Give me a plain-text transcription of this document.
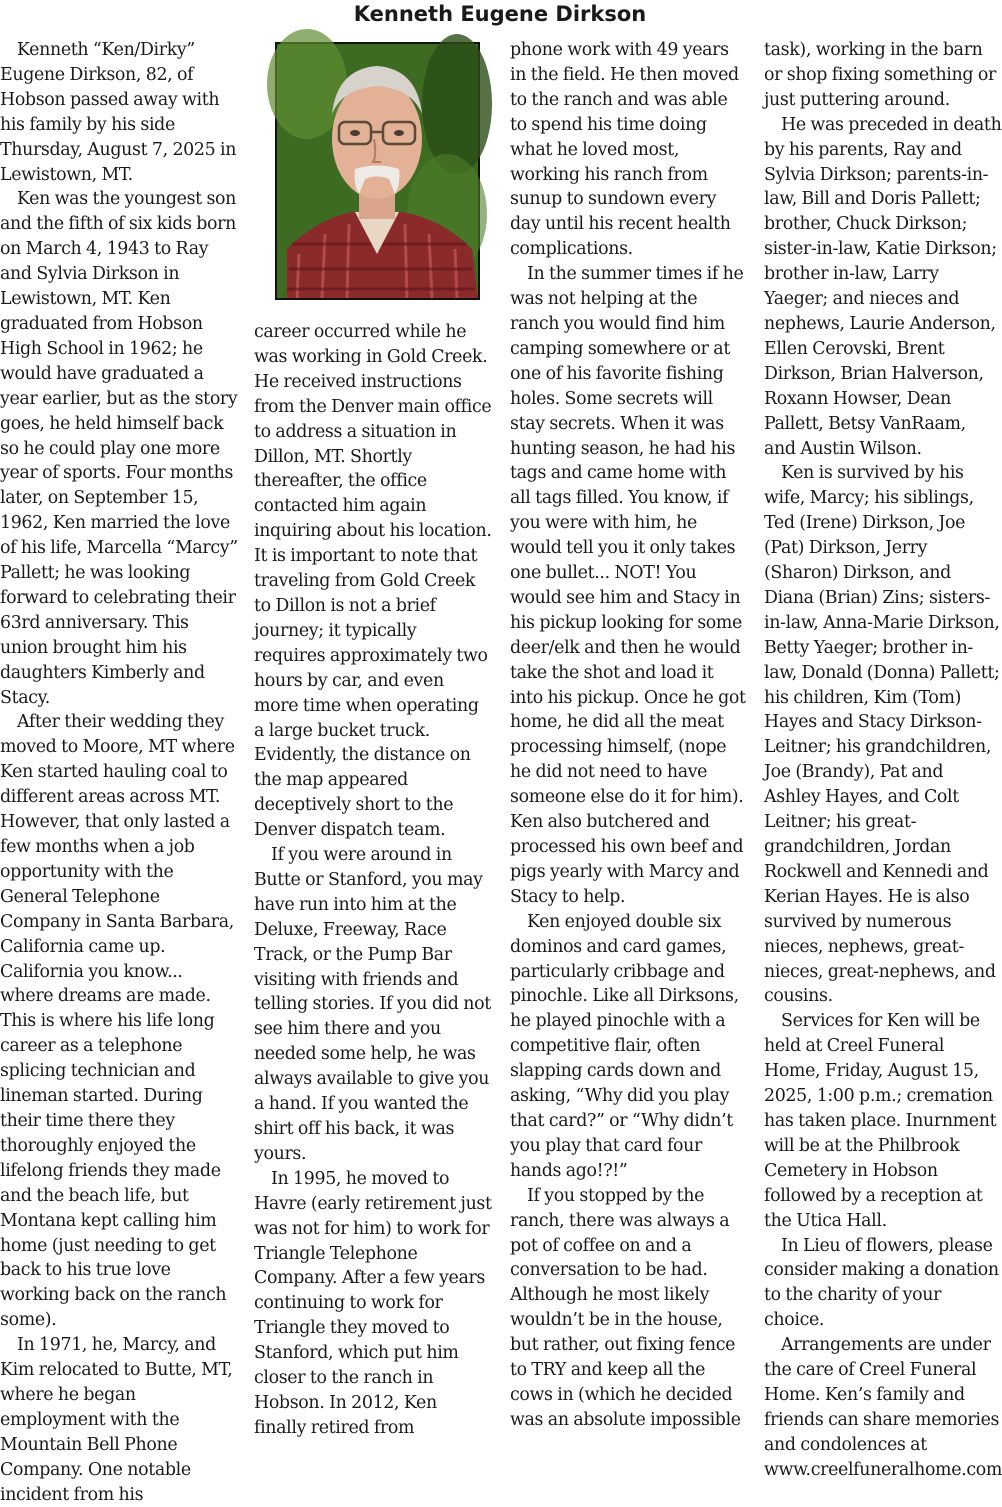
Kenneth Eugene Dirkson

Kenneth “Ken/Dirky” Eugene Dirkson, 82, of Hobson passed away with his family by his side Thursday, August 7, 2025 in Lewistown, MT.

Ken was the youngest son and the fifth of six kids born on March 4, 1943 to Ray and Sylvia Dirkson in Lewistown, MT. Ken graduated from Hobson High School in 1962; he would have graduated a year earlier, but as the story goes, he held himself back so he could play one more year of sports. Four months later, on September 15, 1962, Ken married the love of his life, Marcella “Marcy” Pallett; he was looking forward to celebrating their 63rd anniversary. This union brought him his daughters Kimberly and Stacy.

After their wedding they moved to Moore, MT where Ken started hauling coal to different areas across MT. However, that only lasted a few months when a job opportunity with the General Telephone Company in Santa Barbara, California came up. California you know... where dreams are made. This is where his life long career as a telephone splicing technician and lineman started. During their time there they thoroughly enjoyed the lifelong friends they made and the beach life, but Montana kept calling him home (just needing to get back to his true love working back on the ranch some).

In 1971, he, Marcy, and Kim relocated to Butte, MT, where he began employment with the Mountain Bell Phone Company. One notable incident from his

career occurred while he was working in Gold Creek. He received instructions from the Denver main office to address a situation in Dillon, MT. Shortly thereafter, the office contacted him again inquiring about his location. It is important to note that traveling from Gold Creek to Dillon is not a brief journey; it typically requires approximately two hours by car, and even more time when operating a large bucket truck. Evidently, the distance on the map appeared deceptively short to the Denver dispatch team.

If you were around in Butte or Stanford, you may have run into him at the Deluxe, Freeway, Race Track, or the Pump Bar visiting with friends and telling stories. If you did not see him there and you needed some help, he was always available to give you a hand. If you wanted the shirt off his back, it was yours.

In 1995, he moved to Havre (early retirement just was not for him) to work for Triangle Telephone Company. After a few years continuing to work for Triangle they moved to Stanford, which put him closer to the ranch in Hobson. In 2012, Ken finally retired from

phone work with 49 years in the field. He then moved to the ranch and was able to spend his time doing what he loved most, working his ranch from sunup to sundown every day until his recent health complications.

In the summer times if he was not helping at the ranch you would find him camping somewhere or at one of his favorite fishing holes. Some secrets will stay secrets. When it was hunting season, he had his tags and came home with all tags filled. You know, if you were with him, he would tell you it only takes one bullet... NOT! You would see him and Stacy in his pickup looking for some deer/elk and then he would take the shot and load it into his pickup. Once he got home, he did all the meat processing himself, (nope he did not need to have someone else do it for him). Ken also butchered and processed his own beef and pigs yearly with Marcy and Stacy to help.

Ken enjoyed double six dominos and card games, particularly cribbage and pinochle. Like all Dirksons, he played pinochle with a competitive flair, often slapping cards down and asking, “Why did you play that card?” or “Why didn’t you play that card four hands ago!?!”

If you stopped by the ranch, there was always a pot of coffee on and a conversation to be had. Although he most likely wouldn’t be in the house, but rather, out fixing fence to TRY and keep all the cows in (which he decided was an absolute impossible

task), working in the barn or shop fixing something or just puttering around.

He was preceded in death by his parents, Ray and Sylvia Dirkson; parents-in-law, Bill and Doris Pallett; brother, Chuck Dirkson; sister-in-law, Katie Dirkson; brother in-law, Larry Yaeger; and nieces and nephews, Laurie Anderson, Ellen Cerovski, Brent Dirkson, Brian Halverson, Roxann Howser, Dean Pallett, Betsy VanRaam, and Austin Wilson.

Ken is survived by his wife, Marcy; his siblings, Ted (Irene) Dirkson, Joe (Pat) Dirkson, Jerry (Sharon) Dirkson, and Diana (Brian) Zins; sisters-in-law, Anna-Marie Dirkson, Betty Yaeger; brother in-law, Donald (Donna) Pallett; his children, Kim (Tom) Hayes and Stacy Dirkson-Leitner; his grandchildren, Joe (Brandy), Pat and Ashley Hayes, and Colt Leitner; his great-grandchildren, Jordan Rockwell and Kennedi and Kerian Hayes. He is also survived by numerous nieces, nephews, great-nieces, great-nephews, and cousins.

Services for Ken will be held at Creel Funeral Home, Friday, August 15, 2025, 1:00 p.m.; cremation has taken place. Inurnment will be at the Philbrook Cemetery in Hobson followed by a reception at the Utica Hall.

In Lieu of flowers, please consider making a donation to the charity of your choice.

Arrangements are under the care of Creel Funeral Home. Ken’s family and friends can share memories and condolences at www.creelfuneralhome.com
